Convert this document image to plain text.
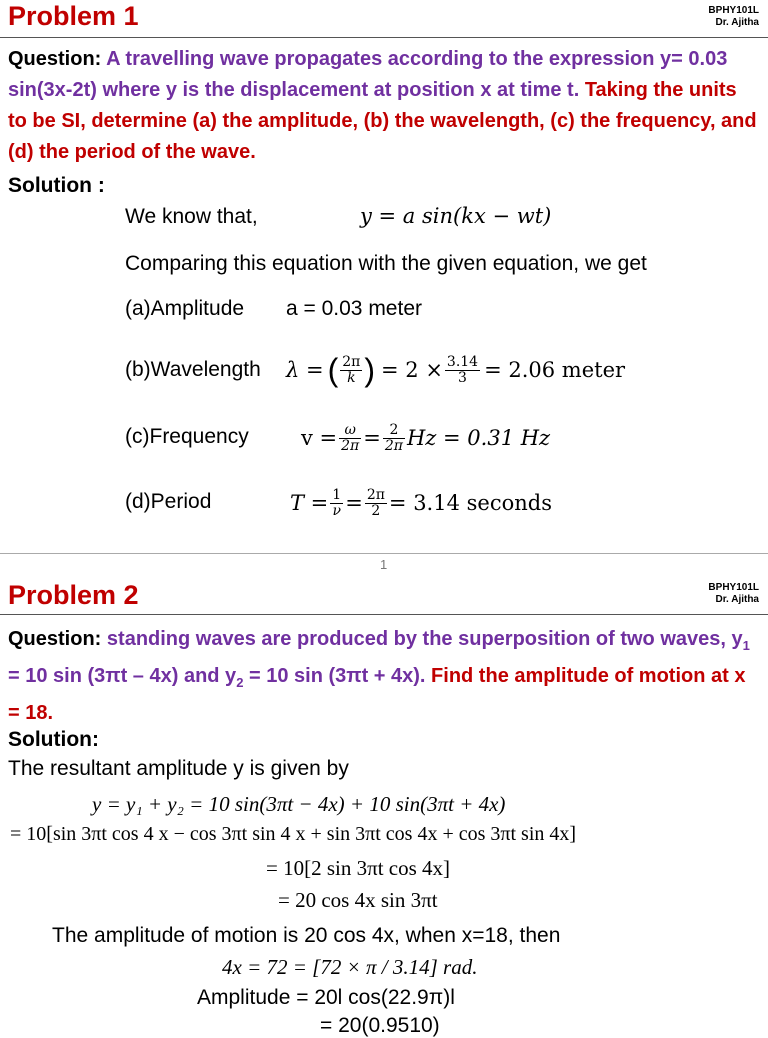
Problem 1	BPHY101L
Dr. Ajitha
Question: A travelling wave propagates according to the expression y= 0.03 sin(3x-2t) where y is the displacement at position x at time t. Taking the units to be SI, determine (a) the amplitude, (b) the wavelength, (c) the frequency, and (d) the period of the wave.
Solution :
We know that,	y = a sin(kx − wt)
Comparing this equation with the given equation, we get
(a)Amplitude a = 0.03 meter
(b)Wavelength λ = ( $\frac{2\pi}{k}$ ) = $2 \times \frac{3.14}{3} = 2.06$ meter
(c)Frequency $v = \frac{\omega}{2\pi} = \frac{2}{2\pi}$ Hz = 0.31 Hz
(d)Period	$T = \frac{1}{\nu} = \frac{2\pi}{2} = 3.14$ seconds
1
Problem 2	BPHY101L
Dr. Ajitha
Question: standing waves are produced by the superposition of two waves, $y_1 = 10$ sin (3πt – 4x) and $y_2 = 10$ sin (3πt + 4x). Find the amplitude of motion at x = 18.
Solution:
The resultant amplitude y is given by
y = y₁ + y₂ = 10 sin(3πt − 4x) + 10 sin(3πt + 4x)
= 10[sin 3πt cos 4 x − cos 3πt sin 4 x + sin 3πt cos 4x + cos 3πt sin 4x]
= 10[2 sin 3πt cos 4x]
= 20 cos 4x sin 3πt
The amplitude of motion is 20 cos 4x, when x=18, then
4x = 72 = [72 × π / 3.14] rad.
Amplitude = 20l cos(22.9π)l
= 20(0.9510)
